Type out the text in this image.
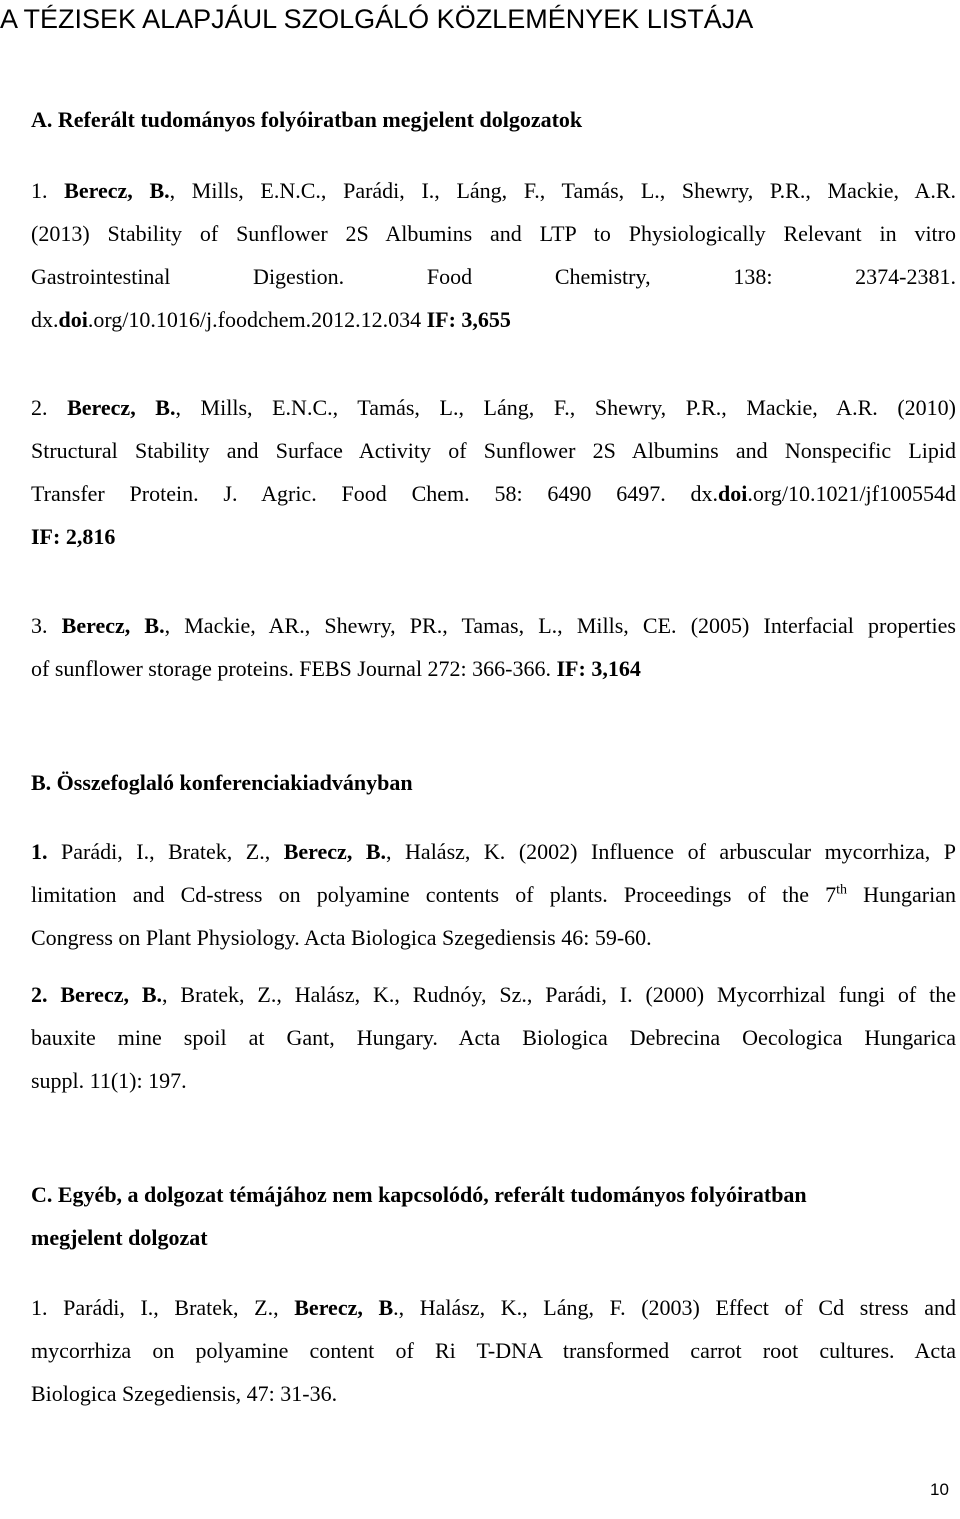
A TÉZISEK ALAPJÁUL SZOLGÁLÓ KÖZLEMÉNYEK LISTÁJA
A. Referált tudományos folyóiratban megjelent dolgozatok
1. Berecz, B., Mills, E.N.C., Parádi, I., Láng, F., Tamás, L., Shewry, P.R., Mackie, A.R.
(2013) Stability of Sunflower 2S Albumins and LTP to Physiologically Relevant in vitro
Gastrointestinal Digestion. Food Chemistry, 138: 2374-2381.
dx.doi.org/10.1016/j.foodchem.2012.12.034 IF: 3,655
2. Berecz, B., Mills, E.N.C., Tamás, L., Láng, F., Shewry, P.R., Mackie, A.R. (2010)
Structural Stability and Surface Activity of Sunflower 2S Albumins and Nonspecific Lipid
Transfer Protein. J. Agric. Food Chem. 58: 6490 6497. dx.doi.org/10.1021/jf100554d
IF: 2,816
3. Berecz, B., Mackie, AR., Shewry, PR., Tamas, L., Mills, CE. (2005) Interfacial properties
of sunflower storage proteins. FEBS Journal 272: 366-366. IF: 3,164
B. Összefoglaló konferenciakiadványban
1. Parádi, I., Bratek, Z., Berecz, B., Halász, K. (2002) Influence of arbuscular mycorrhiza, P
limitation and Cd-stress on polyamine contents of plants. Proceedings of the 7th Hungarian
Congress on Plant Physiology. Acta Biologica Szegediensis 46: 59-60.
2. Berecz, B., Bratek, Z., Halász, K., Rudnóy, Sz., Parádi, I. (2000) Mycorrhizal fungi of the
bauxite mine spoil at Gant, Hungary. Acta Biologica Debrecina Oecologica Hungarica
suppl. 11(1): 197.
C. Egyéb, a dolgozat témájához nem kapcsolódó, referált tudományos folyóiratban
megjelent dolgozat
1. Parádi, I., Bratek, Z., Berecz, B., Halász, K., Láng, F. (2003) Effect of Cd stress and
mycorrhiza on polyamine content of Ri T-DNA transformed carrot root cultures. Acta
Biologica Szegediensis, 47: 31-36.
10
